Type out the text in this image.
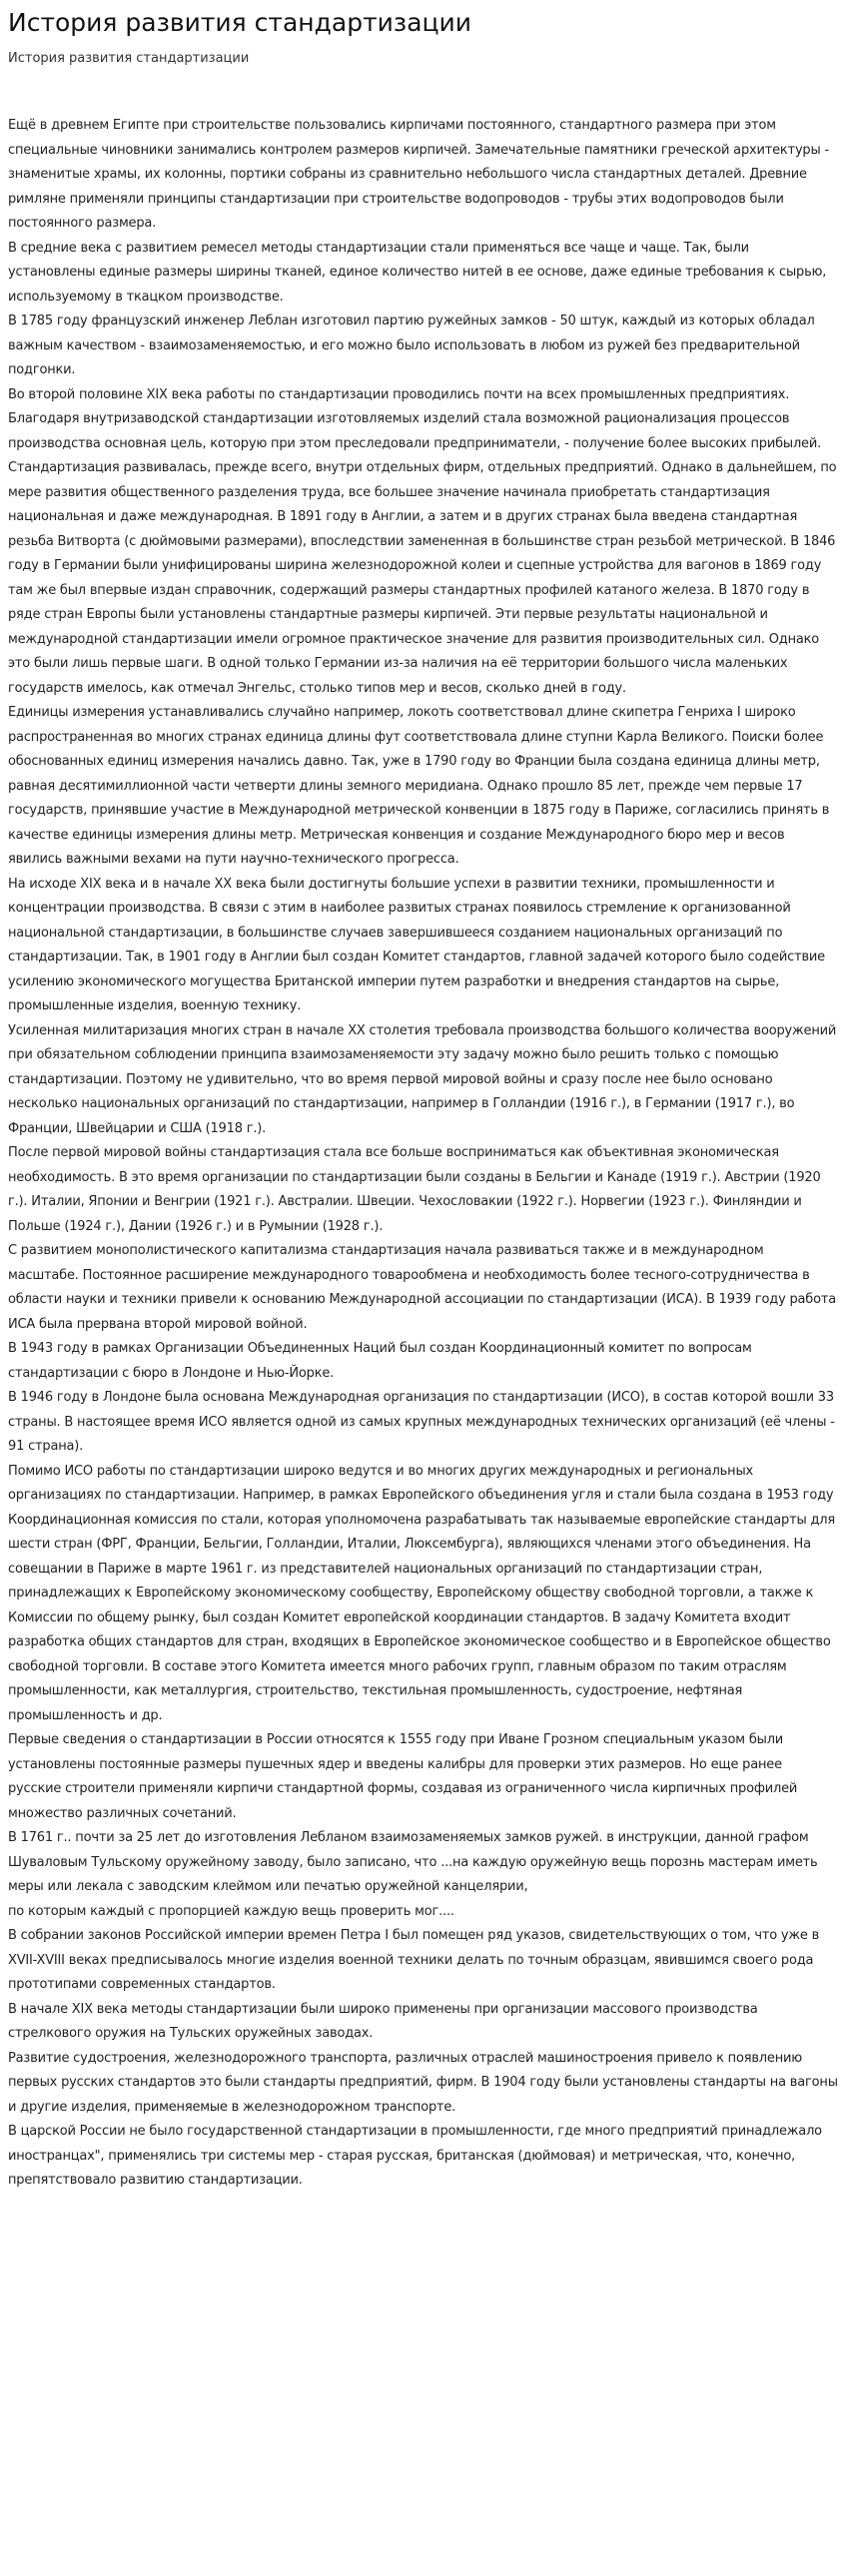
История развития стандартизации
История развития стандартизации

Ещё в древнем Египте при строительстве пользовались кирпичами постоянного, стандартного размера при этом специальные чиновники занимались контролем размеров кирпичей. Замечательные памятники греческой архитектуры - знаменитые храмы, их колонны, портики собраны из сравнительно небольшого числа стандартных деталей. Древние римляне применяли принципы стандартизации при строительстве водопроводов - трубы этих водопроводов были постоянного размера.

В средние века с развитием ремесел методы стандартизации стали применяться все чаще и чаще. Так, были установлены единые размеры ширины тканей, единое количество нитей в ее основе, даже единые требования к сырью, используемому в ткацком производстве.

В 1785 году французский инженер Леблан изготовил партию ружейных замков - 50 штук, каждый из которых обладал важным качеством - взаимозаменяемостью, и его можно было использовать в любом из ружей без предварительной подгонки.

Во второй половине XIX века работы по стандартизации проводились почти на всех промышленных предприятиях. Благодаря внутризаводской стандартизации изготовляемых изделий стала возможной рационализация процессов производства основная цель, которую при этом преследовали предприниматели, - получение более высоких прибылей. Стандартизация развивалась, прежде всего, внутри отдельных фирм, отдельных предприятий. Однако в дальнейшем, по мере развития общественного разделения труда, все большее значение начинала приобретать стандартизация национальная и даже международная. В 1891 году в Англии, а затем и в других странах была введена стандартная резьба Витворта (с дюймовыми размерами), впоследствии замененная в большинстве стран резьбой метрической. В 1846 году в Германии были унифицированы ширина железнодорожной колеи и сцепные устройства для вагонов в 1869 году там же был впервые издан справочник, содержащий размеры стандартных профилей катаного железа. В 1870 году в ряде стран Европы были установлены стандартные размеры кирпичей. Эти первые результаты национальной и международной стандартизации имели огромное практическое значение для развития производительных сил. Однако это были лишь первые шаги. В одной только Германии из-за наличия на её территории большого числа маленьких государств имелось, как отмечал Энгельс, столько типов мер и весов, сколько дней в году.

Единицы измерения устанавливались случайно например, локоть соответствовал длине скипетра Генриха I широко распространенная во многих странах единица длины фут соответствовала длине ступни Карла Великого. Поиски более обоснованных единиц измерения начались давно. Так, уже в 1790 году во Франции была создана единица длины метр, равная десятимиллионной части четверти длины земного меридиана. Однако прошло 85 лет, прежде чем первые 17 государств, принявшие участие в Международной метрической конвенции в 1875 году в Париже, согласились принять в качестве единицы измерения длины метр. Метрическая конвенция и создание Международного бюро мер и весов явились важными вехами на пути научно-технического прогресса.

На исходе XIX века и в начале XX века были достигнуты большие успехи в развитии техники, промышленности и концентрации производства. В связи с этим в наиболее развитых странах появилось стремление к организованной национальной стандартизации, в большинстве случаев завершившееся созданием национальных организаций по стандартизации. Так, в 1901 году в Англии был создан Комитет стандартов, главной задачей которого было содействие усилению экономического могущества Британской империи путем разработки и внедрения стандартов на сырье, промышленные изделия, военную технику.

Усиленная милитаризация многих стран в начале XX столетия требовала производства большого количества вооружений при обязательном соблюдении принципа взаимозаменяемости эту задачу можно было решить только с помощью стандартизации. Поэтому не удивительно, что во время первой мировой войны и сразу после нее было основано несколько национальных организаций по стандартизации, например в Голландии (1916 г.), в Германии (1917 г.), во Франции, Швейцарии и США (1918 г.).

После первой мировой войны стандартизация стала все больше восприниматься как объективная экономическая необходимость. В это время организации по стандартизации были созданы в Бельгии и Канаде (1919 г.). Австрии (1920 г.). Италии, Японии и Венгрии (1921 г.). Австралии. Швеции. Чехословакии (1922 г.). Норвегии (1923 г.). Финляндии и Польше (1924 г.), Дании (1926 г.) и в Румынии (1928 г.).

С развитием монополистического капитализма стандартизация начала развиваться также и в международном масштабе. Постоянное расширение международного товарообмена и необходимость более тесного-сотрудничества в области науки и техники привели к основанию Международной ассоциации по стандартизации (ИСА). В 1939 году работа ИСА была прервана второй мировой войной.

В 1943 году в рамках Организации Объединенных Наций был создан Координационный комитет по вопросам стандартизации с бюро в Лондоне и Нью-Йорке.

В 1946 году в Лондоне была основана Международная организация по стандартизации (ИСО), в состав которой вошли 33 страны. В настоящее время ИСО является одной из самых крупных международных технических организаций (её члены - 91 страна).

Помимо ИСО работы по стандартизации широко ведутся и во многих других международных и региональных организациях по стандартизации. Например, в рамках Европейского объединения угля и стали была создана в 1953 году Координационная комиссия по стали, которая уполномочена разрабатывать так называемые европейские стандарты для шести стран (ФРГ, Франции, Бельгии, Голландии, Италии, Люксембурга), являющихся членами этого объединения. На совещании в Париже в марте 1961 г. из представителей национальных организаций по стандартизации стран, принадлежащих к Европейскому экономическому сообществу, Европейскому обществу свободной торговли, а также к Комиссии по общему рынку, был создан Комитет европейской координации стандартов. В задачу Комитета входит разработка общих стандартов для стран, входящих в Европейское экономическое сообщество и в Европейское общество свободной торговли. В составе этого Комитета имеется много рабочих групп, главным образом по таким отраслям промышленности, как металлургия, строительство, текстильная промышленность, судостроение, нефтяная промышленность и др.

Первые сведения о стандартизации в России относятся к 1555 году при Иване Грозном специальным указом были установлены постоянные размеры пушечных ядер и введены калибры для проверки этих размеров. Но еще ранее русские строители применяли кирпичи стандартной формы, создавая из ограниченного числа кирпичных профилей множество различных сочетаний.

В 1761 г.. почти за 25 лет до изготовления Лебланом взаимозаменяемых замков ружей. в инструкции, данной графом Шуваловым Тульскому оружейному заводу, было записано, что ...на каждую оружейную вещь порознь мастерам иметь меры или лекала с заводским клеймом или печатью оружейной канцелярии,

по которым каждый с пропорцией каждую вещь проверить мог....

В собрании законов Российской империи времен Петра I был помещен ряд указов, свидетельствующих о том, что уже в XVII-XVIII веках предписывалось многие изделия военной техники делать по точным образцам, явившимся своего рода прототипами современных стандартов.

В начале XIX века методы стандартизации были широко применены при организации массового производства стрелкового оружия на Тульских оружейных заводах.

Развитие судостроения, железнодорожного транспорта, различных отраслей машиностроения привело к появлению первых русских стандартов это были стандарты предприятий, фирм. В 1904 году были установлены стандарты на вагоны и другие изделия, применяемые в железнодорожном транспорте.

В царской России не было государственной стандартизации в промышленности, где много предприятий принадлежало иностранцаx", применялись три системы мер - старая русская, британская (дюймовая) и метрическая, что, конечно, препятствовало развитию стандартизации.
